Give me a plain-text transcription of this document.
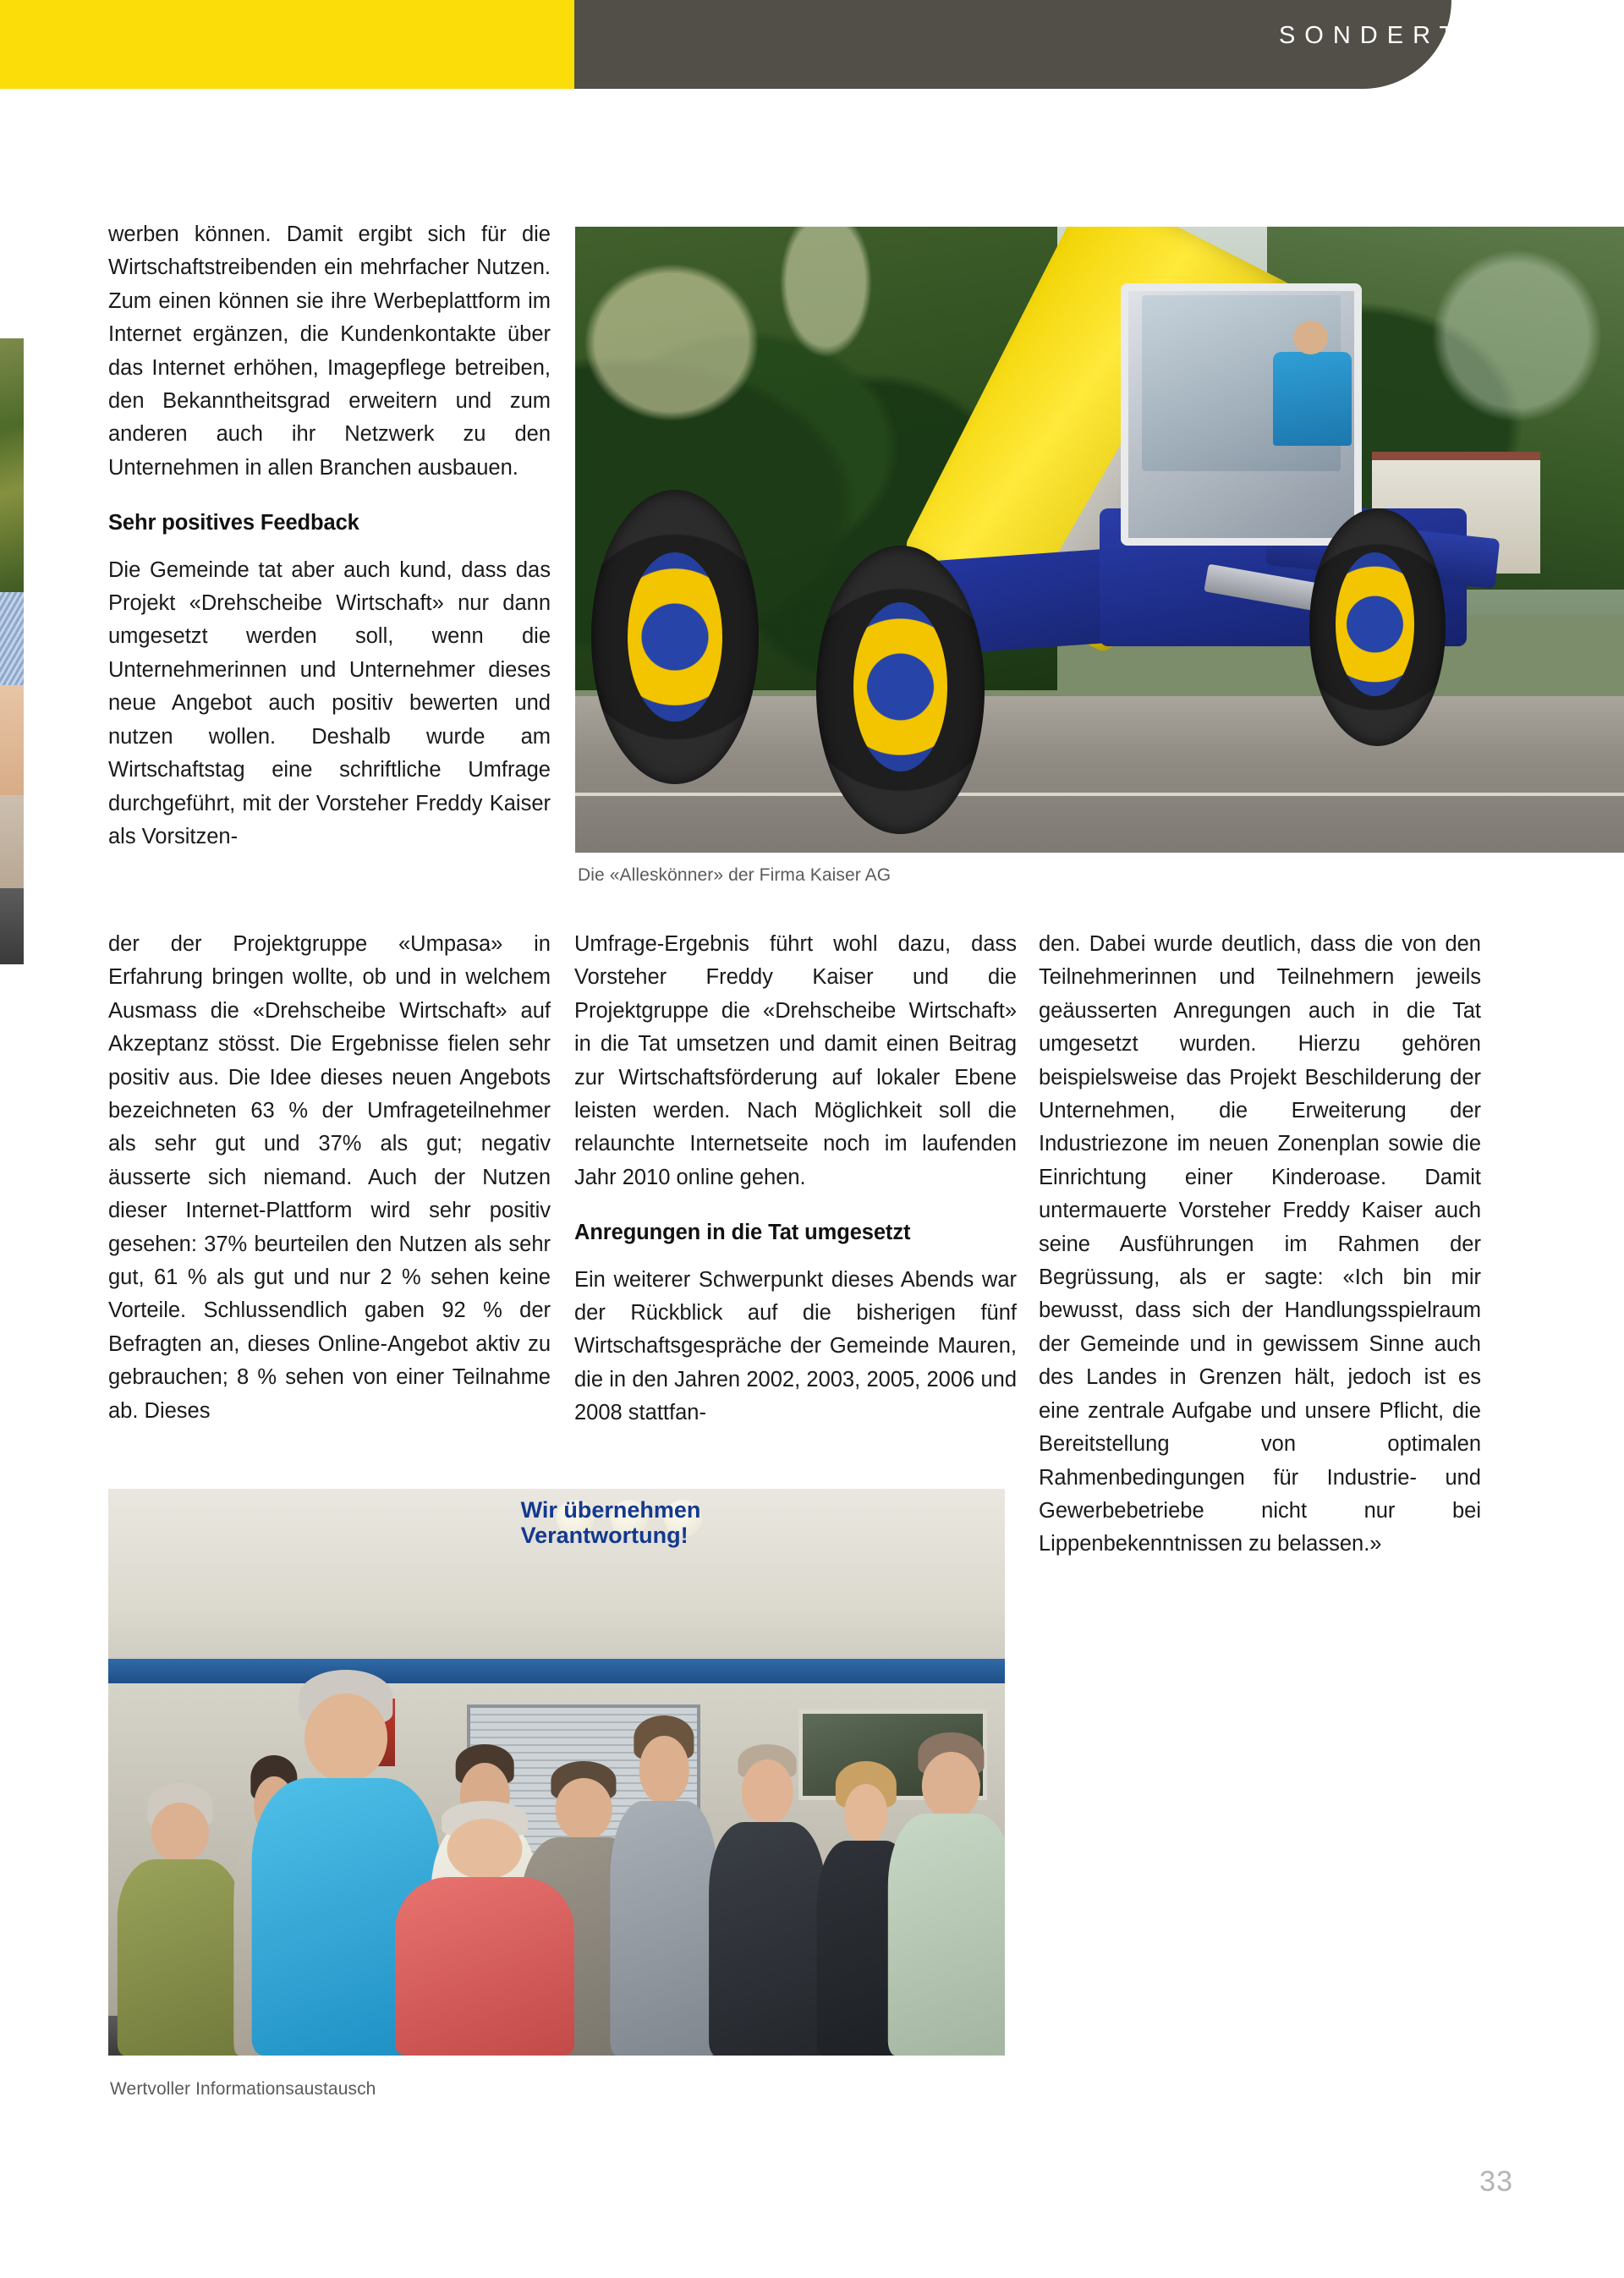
SONDERTHEMA

werben können. Damit ergibt sich für die Wirtschaftstreibenden ein mehrfacher Nutzen. Zum einen können sie ihre Werbeplattform im Internet ergänzen, die Kundenkontakte über das Internet erhöhen, Imagepflege betreiben, den Bekanntheitsgrad erweitern und zum anderen auch ihr Netzwerk zu den Unternehmen in allen Branchen ausbauen.

Sehr positives Feedback

Die Gemeinde tat aber auch kund, dass das Projekt «Drehscheibe Wirtschaft» nur dann umgesetzt werden soll, wenn die Unternehmerinnen und Unternehmer dieses neue Angebot auch positiv bewerten und nutzen wollen. Deshalb wurde am Wirtschaftstag eine schriftliche Umfrage durchgeführt, mit der Vorsteher Freddy Kaiser als Vorsitzen-

Die «Alleskönner» der Firma Kaiser AG

der der Projektgruppe «Umpasa» in Erfahrung bringen wollte, ob und in welchem Ausmass die «Drehscheibe Wirtschaft» auf Akzeptanz stösst. Die Ergebnisse fielen sehr positiv aus. Die Idee dieses neuen Angebots bezeichneten 63 % der Umfrageteilnehmer als sehr gut und 37% als gut; negativ äusserte sich niemand. Auch der Nutzen dieser Internet-Plattform wird sehr positiv gesehen: 37% beurteilen den Nutzen als sehr gut, 61 % als gut und nur 2 % sehen keine Vorteile. Schlussendlich gaben 92 % der Befragten an, dieses Online-Angebot aktiv zu gebrauchen; 8 % sehen von einer Teilnahme ab. Dieses

Umfrage-Ergebnis führt wohl dazu, dass Vorsteher Freddy Kaiser und die Projektgruppe die «Drehscheibe Wirtschaft» in die Tat umsetzen und damit einen Beitrag zur Wirtschaftsförderung auf lokaler Ebene leisten werden. Nach Möglichkeit soll die relaunchte Internetseite noch im laufenden Jahr 2010 online gehen.

Anregungen in die Tat umgesetzt

Ein weiterer Schwerpunkt dieses Abends war der Rückblick auf die bisherigen fünf Wirtschaftsgespräche der Gemeinde Mauren, die in den Jahren 2002, 2003, 2005, 2006 und 2008 stattfan-

den. Dabei wurde deutlich, dass die von den Teilnehmerinnen und Teilnehmern jeweils geäusserten Anregungen auch in die Tat umgesetzt wurden. Hierzu gehören beispielsweise das Projekt Beschilderung der Unternehmen, die Erweiterung der Industriezone im neuen Zonenplan sowie die Einrichtung einer Kinderoase. Damit untermauerte Vorsteher Freddy Kaiser auch seine Ausführungen im Rahmen der Begrüssung, als er sagte: «Ich bin mir bewusst, dass sich der Handlungsspielraum der Gemeinde und in gewissem Sinne auch des Landes in Grenzen hält, jedoch ist es eine zentrale Aufgabe und unsere Pflicht, die Bereitstellung von optimalen Rahmenbedingungen für Industrie- und Gewerbebetriebe nicht nur bei Lippenbekenntnissen zu belassen.»

Wir übernehmen
Verantwortung!
Wertvoller Informationsaustausch
33
